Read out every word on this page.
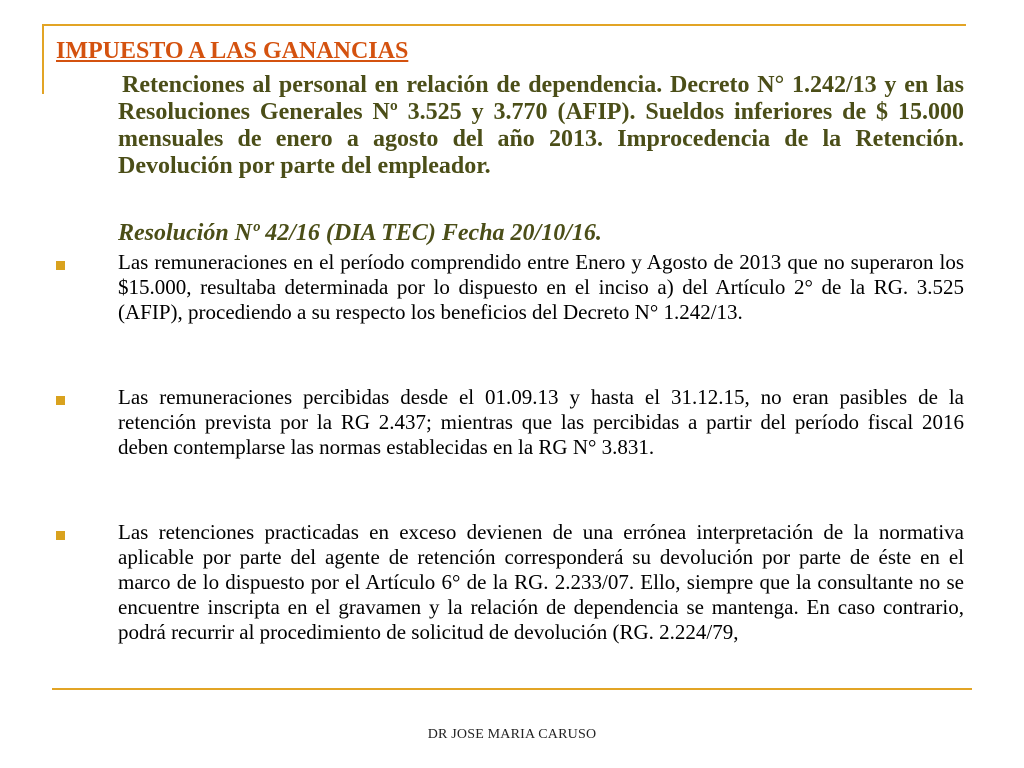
IMPUESTO A LAS GANANCIAS

Retenciones al personal en relación de dependencia. Decreto N° 1.242/13 y en las Resoluciones Generales Nº 3.525 y 3.770 (AFIP). Sueldos inferiores de $ 15.000 mensuales de enero a agosto del año 2013. Improcedencia de la Retención. Devolución por parte del empleador.

Resolución Nº 42/16 (DIA TEC) Fecha 20/10/16.

Las remuneraciones en el período comprendido entre Enero y Agosto de 2013 que no superaron los $15.000, resultaba determinada por lo dispuesto en el inciso a) del Artículo 2° de la RG. 3.525 (AFIP), procediendo a su respecto los beneficios del Decreto N° 1.242/13.

Las remuneraciones percibidas desde el 01.09.13 y hasta el 31.12.15, no eran pasibles de la retención prevista por la RG 2.437; mientras que las percibidas a partir del período fiscal 2016 deben contemplarse las normas establecidas en la RG N° 3.831.

Las retenciones practicadas en exceso devienen de una errónea interpretación de la normativa aplicable por parte del agente de retención corresponderá su devolución por parte de éste en el marco de lo dispuesto por el Artículo 6° de la RG. 2.233/07. Ello, siempre que la consultante no se encuentre inscripta en el gravamen y la relación de dependencia se mantenga. En caso contrario, podrá recurrir al procedimiento de solicitud de devolución (RG. 2.224/79,

DR JOSE MARIA CARUSO
